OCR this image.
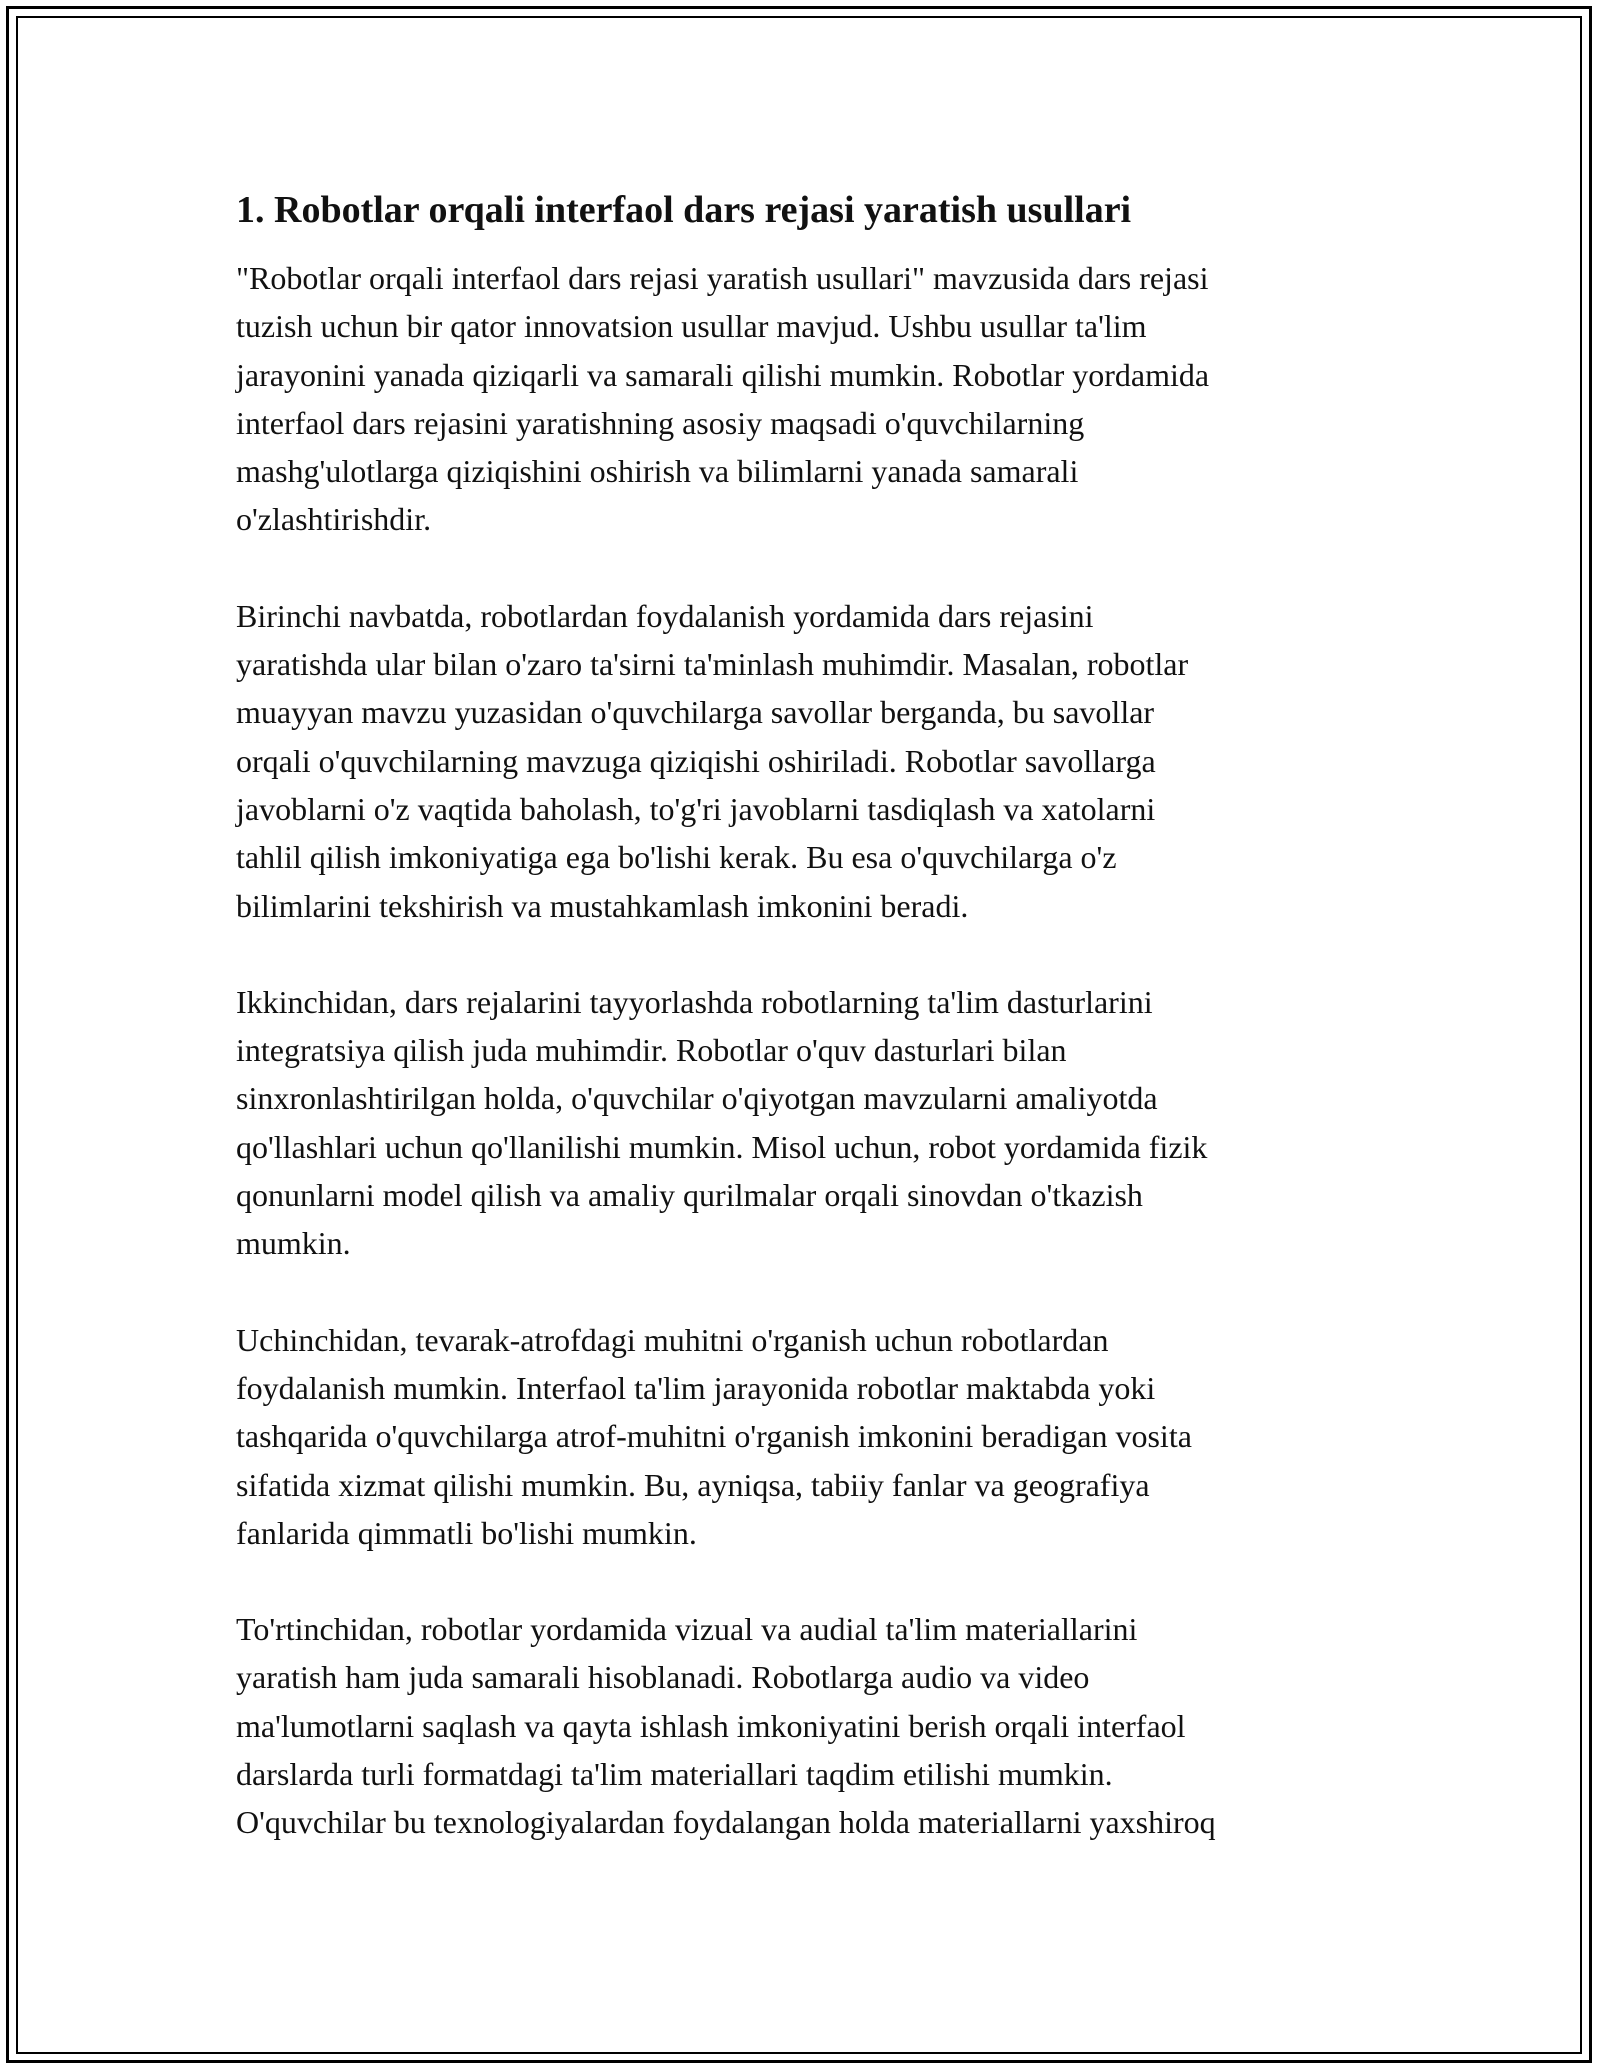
1. Robotlar orqali interfaol dars rejasi yaratish usullari
"Robotlar orqali interfaol dars rejasi yaratish usullari" mavzusida dars rejasi
tuzish uchun bir qator innovatsion usullar mavjud. Ushbu usullar ta'lim
jarayonini yanada qiziqarli va samarali qilishi mumkin. Robotlar yordamida
interfaol dars rejasini yaratishning asosiy maqsadi o'quvchilarning
mashg'ulotlarga qiziqishini oshirish va bilimlarni yanada samarali
o'zlashtirishdir.
Birinchi navbatda, robotlardan foydalanish yordamida dars rejasini
yaratishda ular bilan o'zaro ta'sirni ta'minlash muhimdir. Masalan, robotlar
muayyan mavzu yuzasidan o'quvchilarga savollar berganda, bu savollar
orqali o'quvchilarning mavzuga qiziqishi oshiriladi. Robotlar savollarga
javoblarni o'z vaqtida baholash, to'g'ri javoblarni tasdiqlash va xatolarni
tahlil qilish imkoniyatiga ega bo'lishi kerak. Bu esa o'quvchilarga o'z
bilimlarini tekshirish va mustahkamlash imkonini beradi.
Ikkinchidan, dars rejalarini tayyorlashda robotlarning ta'lim dasturlarini
integratsiya qilish juda muhimdir. Robotlar o'quv dasturlari bilan
sinxronlashtirilgan holda, o'quvchilar o'qiyotgan mavzularni amaliyotda
qo'llashlari uchun qo'llanilishi mumkin. Misol uchun, robot yordamida fizik
qonunlarni model qilish va amaliy qurilmalar orqali sinovdan o'tkazish
mumkin.
Uchinchidan, tevarak-atrofdagi muhitni o'rganish uchun robotlardan
foydalanish mumkin. Interfaol ta'lim jarayonida robotlar maktabda yoki
tashqarida o'quvchilarga atrof-muhitni o'rganish imkonini beradigan vosita
sifatida xizmat qilishi mumkin. Bu, ayniqsa, tabiiy fanlar va geografiya
fanlarida qimmatli bo'lishi mumkin.
To'rtinchidan, robotlar yordamida vizual va audial ta'lim materiallarini
yaratish ham juda samarali hisoblanadi. Robotlarga audio va video
ma'lumotlarni saqlash va qayta ishlash imkoniyatini berish orqali interfaol
darslarda turli formatdagi ta'lim materiallari taqdim etilishi mumkin.
O'quvchilar bu texnologiyalardan foydalangan holda materiallarni yaxshiroq
